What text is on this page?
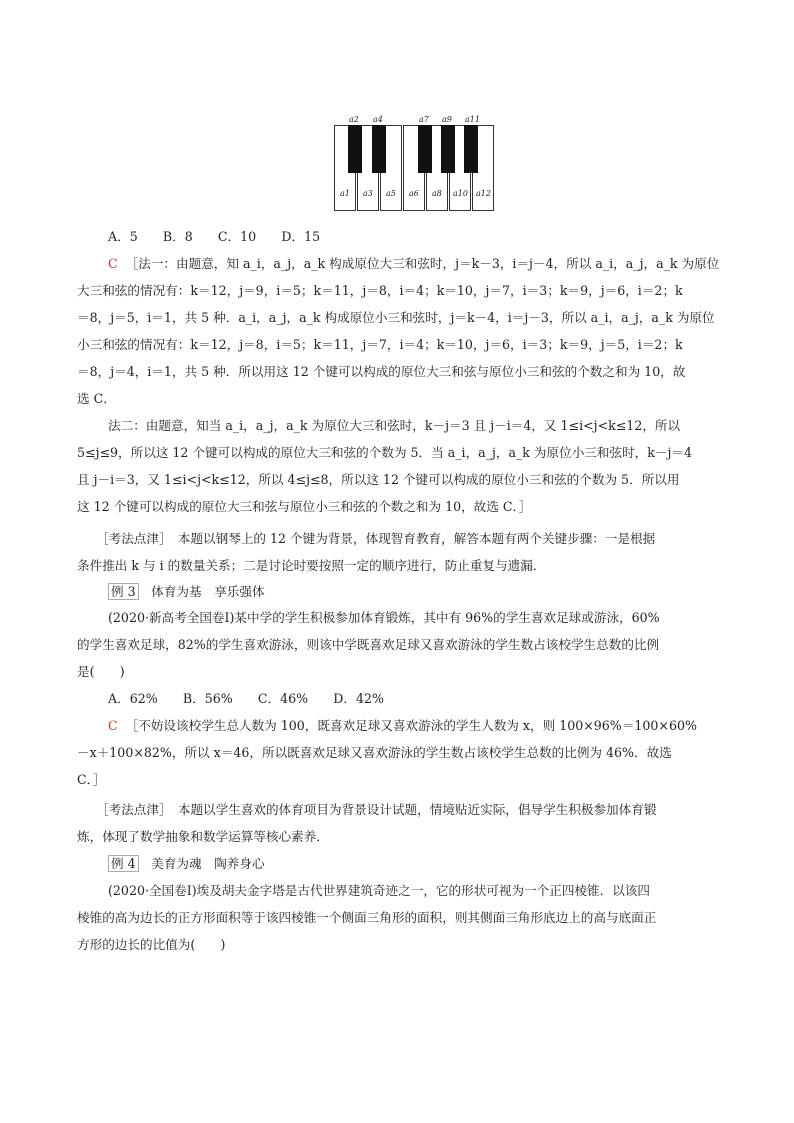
a2 a4	a7 a9 a11
a1 a3 a5 a6 a8 a10 a12
A．5　　B．8　　C．10　　D．15
C ［法一：由题意，知 a_i，a_j，a_k 构成原位大三和弦时，j＝k－3，i＝j－4，所以 a_i，a_j，a_k 为原位
大三和弦的情况有：k＝12，j＝9，i＝5；k＝11，j＝8，i＝4；k＝10，j＝7，i＝3；k＝9，j＝6，i＝2；k
＝8，j＝5，i＝1，共 5 种．a_i，a_j，a_k 构成原位小三和弦时，j＝k－4，i＝j－3，所以 a_i，a_j，a_k 为原位
小三和弦的情况有：k＝12，j＝8，i＝5；k＝11，j＝7，i＝4；k＝10，j＝6，i＝3；k＝9，j＝5，i＝2；k
＝8，j＝4，i＝1，共 5 种．所以用这 12 个键可以构成的原位大三和弦与原位小三和弦的个数之和为 10，故
选 C．
法二：由题意，知当 a_i，a_j，a_k 为原位大三和弦时，k－j＝3 且 j－i＝4，又 1≤i<j<k≤12，所以
5≤j≤9，所以这 12 个键可以构成的原位大三和弦的个数为 5．当 a_i，a_j，a_k 为原位小三和弦时，k－j＝4
且 j－i＝3，又 1≤i<j<k≤12，所以 4≤j≤8，所以这 12 个键可以构成的原位小三和弦的个数为 5．所以用
这 12 个键可以构成的原位大三和弦与原位小三和弦的个数之和为 10，故选 C．］
［考法点津］　本题以钢琴上的 12 个键为背景，体现智育教育，解答本题有两个关键步骤：一是根据
条件推出 k 与 i 的数量关系；二是讨论时要按照一定的顺序进行，防止重复与遗漏．
例 3　 体育为基　享乐强体
(2020·新高考全国卷Ⅰ)某中学的学生积极参加体育锻炼，其中有 96%的学生喜欢足球或游泳，60%
的学生喜欢足球，82%的学生喜欢游泳，则该中学既喜欢足球又喜欢游泳的学生数占该校学生总数的比例
是(　　)
A．62%　　B．56%　　C．46%　　D．42%
C ［不妨设该校学生总人数为 100，既喜欢足球又喜欢游泳的学生人数为 x，则 100×96%＝100×60%
－x＋100×82%，所以 x＝46，所以既喜欢足球又喜欢游泳的学生数占该校学生总数的比例为 46%．故选
C．］
［考法点津］　本题以学生喜欢的体育项目为背景设计试题，情境贴近实际，倡导学生积极参加体育锻
炼，体现了数学抽象和数学运算等核心素养．
例 4　 美育为魂　陶养身心
(2020·全国卷Ⅰ)埃及胡夫金字塔是古代世界建筑奇迹之一，它的形状可视为一个正四棱锥．以该四
棱锥的高为边长的正方形面积等于该四棱锥一个侧面三角形的面积，则其侧面三角形底边上的高与底面正
方形的边长的比值为(　　)
